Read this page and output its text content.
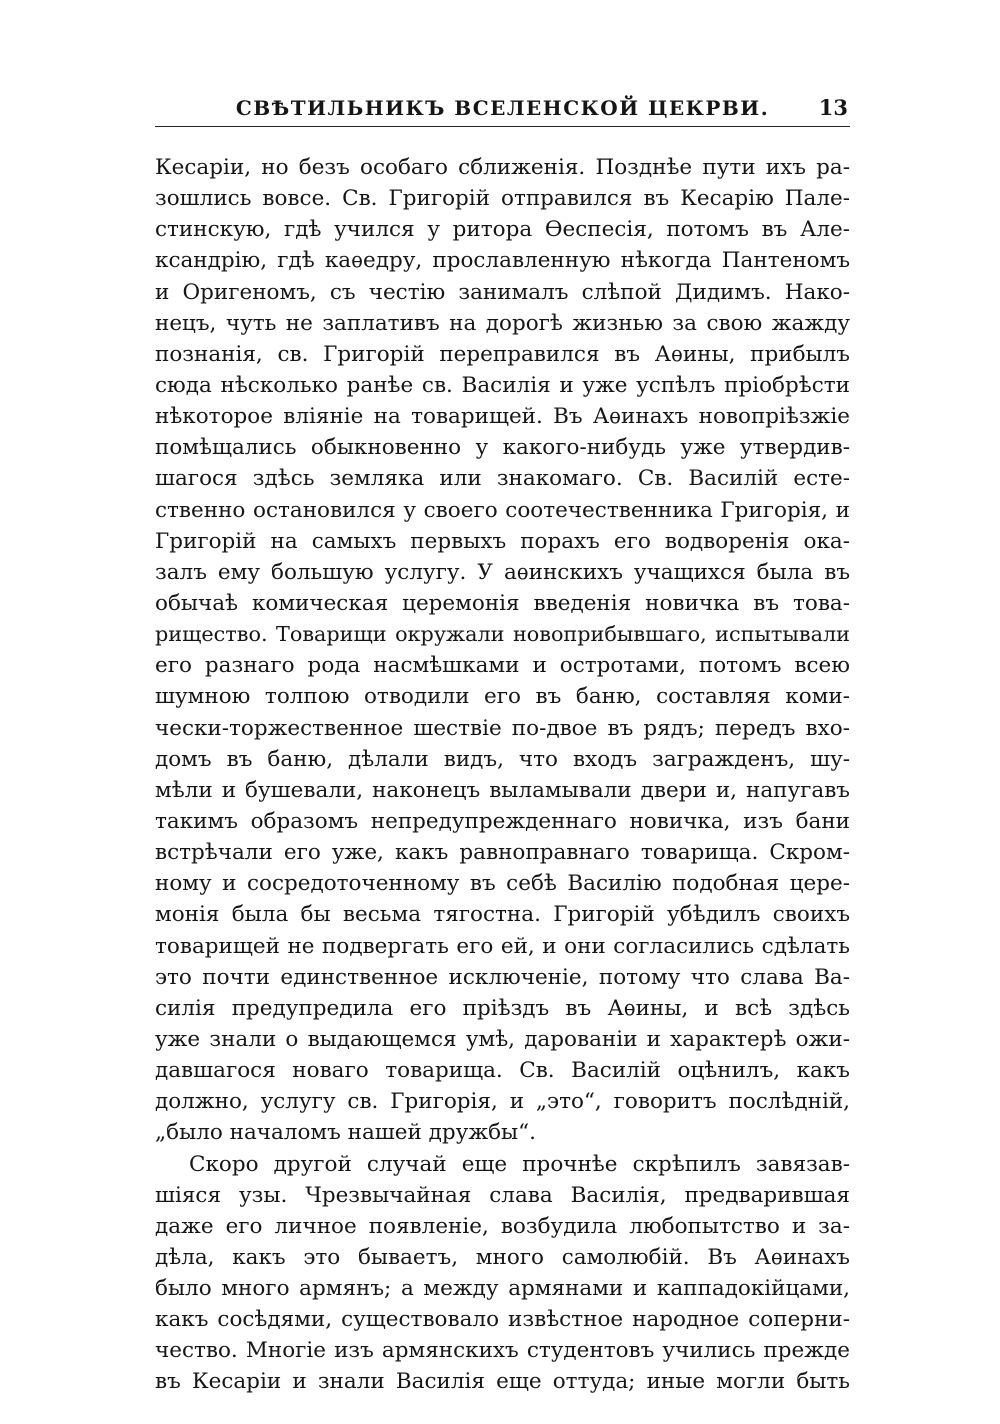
СВѢТИЛЬНИКЪ ВСЕЛЕНСКОЙ ЦЕКРВИ.	13
Кесаріи, но безъ особаго сближенія. Позднѣе пути ихъ ра-
зошлись вовсе. Св. Григорій отправился въ Кесарію Пале-
стинскую, гдѣ учился у ритора Ѳеспесія, потомъ въ Але-
ксандрію, гдѣ каѳедру, прославленную нѣкогда Пантеномъ
и Оригеномъ, съ честію занималъ слѣпой Дидимъ. Нако-
нецъ, чуть не заплативъ на дорогѣ жизнью за свою жажду
познанія, св. Григорій переправился въ Аѳины, прибылъ
сюда нѣсколько ранѣе св. Василія и уже успѣлъ пріобрѣсти
нѣкоторое вліяніе на товарищей. Въ Аѳинахъ новопріѣзжіе
помѣщались обыкновенно у какого-нибудь уже утвердив-
шагося здѣсь земляка или знакомаго. Св. Василій есте-
ственно остановился у своего соотечественника Григорія, и
Григорій на самыхъ первыхъ порахъ его водворенія ока-
залъ ему большую услугу. У аѳинскихъ учащихся была въ
обычаѣ комическая церемонія введенія новичка въ това-
рищество. Товарищи окружали новоприбывшаго, испытывали
его разнаго рода насмѣшками и остротами, потомъ всею
шумною толпою отводили его въ баню, составляя коми-
чески-торжественное шествіе по-двое въ рядъ; передъ вхо-
домъ въ баню, дѣлали видъ, что входъ загражденъ, шу-
мѣли и бушевали, наконецъ выламывали двери и, напугавъ
такимъ образомъ непредупрежденнаго новичка, изъ бани
встрѣчали его уже, какъ равноправнаго товарища. Скром-
ному и сосредоточенному въ себѣ Василію подобная цере-
монія была бы весьма тягостна. Григорій убѣдилъ своихъ
товарищей не подвергать его ей, и они согласились сдѣлать
это почти единственное исключеніе, потому что слава Ва-
силія предупредила его пріѣздъ въ Аѳины, и всѣ здѣсь
уже знали о выдающемся умѣ, дарованіи и характерѣ ожи-
давшагося новаго товарища. Св. Василій оцѣнилъ, какъ
должно, услугу св. Григорія, и „это“, говоритъ послѣдній,
„было началомъ нашей дружбы“.
Скоро другой случай еще прочнѣе скрѣпилъ завязав-
шіяся узы. Чрезвычайная слава Василія, предварившая
даже его личное появленіе, возбудила любопытство и за-
дѣла, какъ это бываетъ, много самолюбій. Въ Аѳинахъ
было много армянъ; а между армянами и каппадокійцами,
какъ сосѣдями, существовало извѣстное народное соперни-
чество. Многіе изъ армянскихъ студентовъ учились прежде
въ Кесаріи и знали Василія еще оттуда; иные могли быть
